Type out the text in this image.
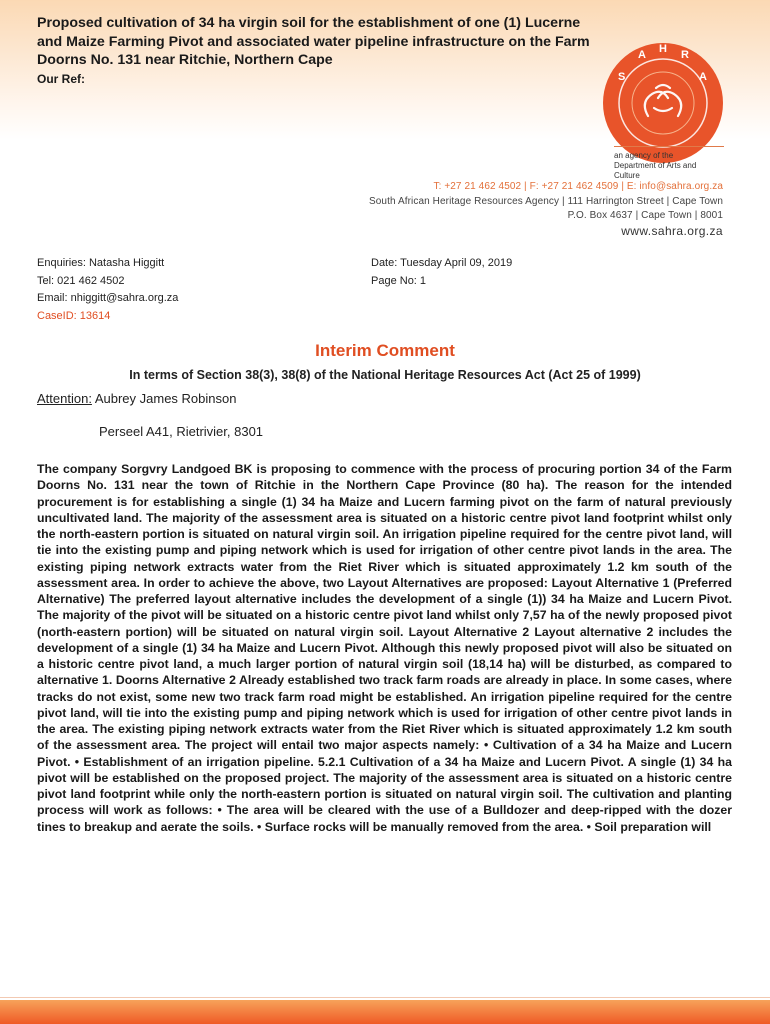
Proposed cultivation of 34 ha virgin soil for the establishment of one (1) Lucerne and Maize Farming Pivot and associated water pipeline infrastructure on the Farm Doorns No. 131 near Ritchie, Northern Cape
Our Ref:	S
A H R
A
an agency of the
Department of Arts and Culture
T: +27 21 462 4502 | F: +27 21 462 4509 | E: info@sahra.org.za
South African Heritage Resources Agency | 111 Harrington Street | Cape Town
P.O. Box 4637 | Cape Town | 8001
www.sahra.org.za
Enquiries: Natasha Higgitt
Tel: 021 462 4502
Email: nhiggitt@sahra.org.za
CaseID: 13614
Date: Tuesday April 09, 2019
Page No: 1
Interim Comment
In terms of Section 38(3), 38(8) of the National Heritage Resources Act (Act 25 of 1999)
Attention: Aubrey James Robinson
Perseel A41, Rietrivier, 8301
The company Sorgvry Landgoed BK is proposing to commence with the process of procuring portion 34 of the Farm Doorns No. 131 near the town of Ritchie in the Northern Cape Province (80 ha). The reason for the intended procurement is for establishing a single (1) 34 ha Maize and Lucern farming pivot on the farm of natural previously uncultivated land. The majority of the assessment area is situated on a historic centre pivot land footprint whilst only the north-eastern portion is situated on natural virgin soil. An irrigation pipeline required for the centre pivot land, will tie into the existing pump and piping network which is used for irrigation of other centre pivot lands in the area. The existing piping network extracts water from the Riet River which is situated approximately 1.2 km south of the assessment area. In order to achieve the above, two Layout Alternatives are proposed: Layout Alternative 1 (Preferred Alternative) The preferred layout alternative includes the development of a single (1)) 34 ha Maize and Lucern Pivot. The majority of the pivot will be situated on a historic centre pivot land whilst only 7,57 ha of the newly proposed pivot (north-eastern portion) will be situated on natural virgin soil. Layout Alternative 2 Layout alternative 2 includes the development of a single (1) 34 ha Maize and Lucern Pivot. Although this newly proposed pivot will also be situated on a historic centre pivot land, a much larger portion of natural virgin soil (18,14 ha) will be disturbed, as compared to alternative 1. Doorns Alternative 2 Already established two track farm roads are already in place. In some cases, where tracks do not exist, some new two track farm road might be established. An irrigation pipeline required for the centre pivot land, will tie into the existing pump and piping network which is used for irrigation of other centre pivot lands in the area. The existing piping network extracts water from the Riet River which is situated approximately 1.2 km south of the assessment area. The project will entail two major aspects namely: • Cultivation of a 34 ha Maize and Lucern Pivot. • Establishment of an irrigation pipeline. 5.2.1 Cultivation of a 34 ha Maize and Lucern Pivot. A single (1) 34 ha pivot will be established on the proposed project. The majority of the assessment area is situated on a historic centre pivot land footprint while only the north-eastern portion is situated on natural virgin soil. The cultivation and planting process will work as follows: • The area will be cleared with the use of a Bulldozer and deep-ripped with the dozer tines to breakup and aerate the soils. • Surface rocks will be manually removed from the area. • Soil preparation will
